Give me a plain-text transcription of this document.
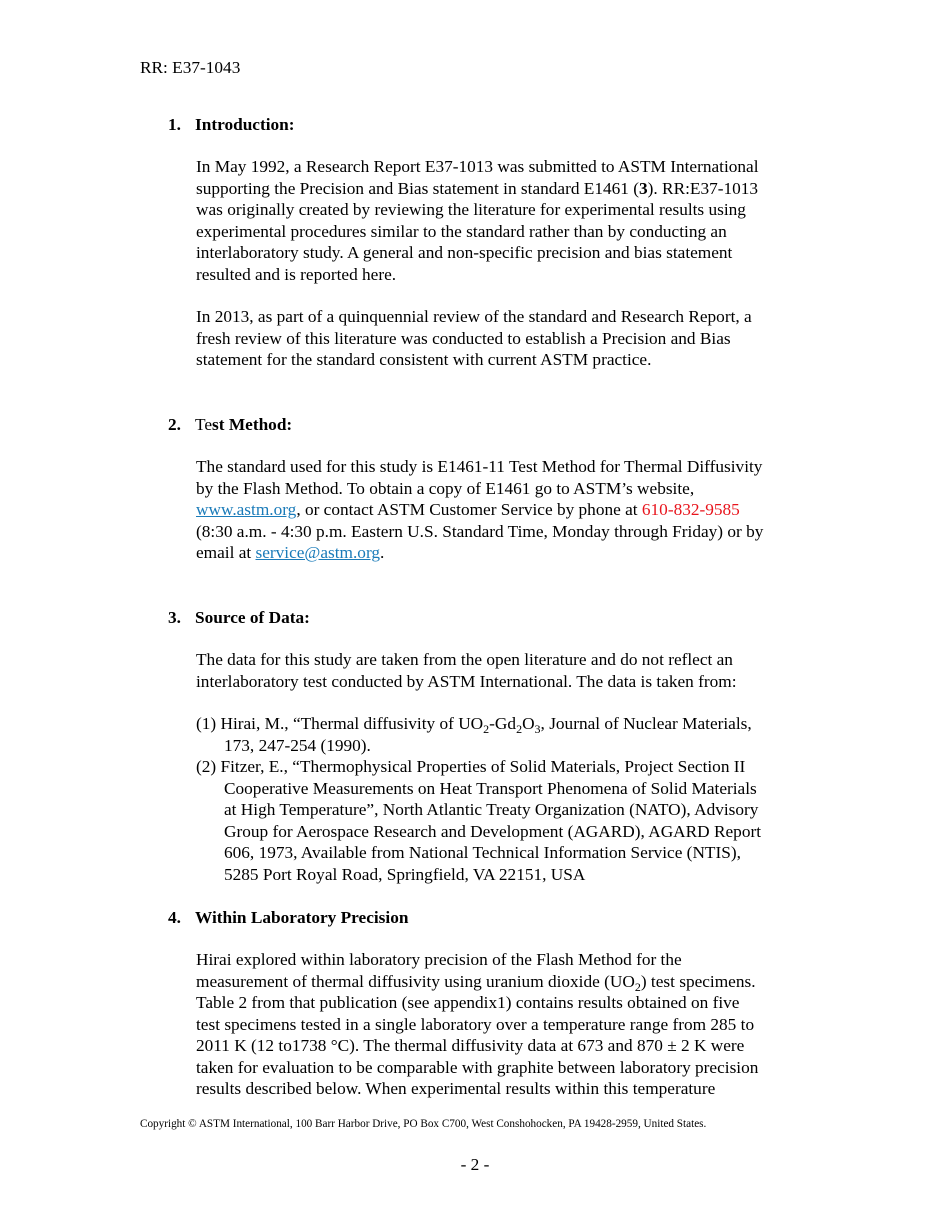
RR: E37-1043
1. Introduction:
In May 1992, a Research Report E37-1013 was submitted to ASTM International
supporting the Precision and Bias statement in standard E1461 (3). RR:E37-1013
was originally created by reviewing the literature for experimental results using
experimental procedures similar to the standard rather than by conducting an
interlaboratory study. A general and non-specific precision and bias statement
resulted and is reported here.
In 2013, as part of a quinquennial review of the standard and Research Report, a
fresh review of this literature was conducted to establish a Precision and Bias
statement for the standard consistent with current ASTM practice.
2. Test Method:
The standard used for this study is E1461-11 Test Method for Thermal Diffusivity
by the Flash Method. To obtain a copy of E1461 go to ASTM’s website,
www.astm.org, or contact ASTM Customer Service by phone at 610-832-9585
(8:30 a.m. - 4:30 p.m. Eastern U.S. Standard Time, Monday through Friday) or by
email at service@astm.org.
3. Source of Data:
The data for this study are taken from the open literature and do not reflect an
interlaboratory test conducted by ASTM International. The data is taken from:
(1) Hirai, M., “Thermal diffusivity of $UO_2-Gd_2O_3$, Journal of Nuclear Materials,
173, 247-254 (1990).
(2) Fitzer, E., “Thermophysical Properties of Solid Materials, Project Section II
Cooperative Measurements on Heat Transport Phenomena of Solid Materials
at High Temperature”, North Atlantic Treaty Organization (NATO), Advisory
Group for Aerospace Research and Development (AGARD), AGARD Report
606, 1973, Available from National Technical Information Service (NTIS),
5285 Port Royal Road, Springfield, VA 22151, USA
4. Within Laboratory Precision
Hirai explored within laboratory precision of the Flash Method for the
measurement of thermal diffusivity using uranium dioxide $(UO_2)$ test specimens.
Table 2 from that publication (see appendix1) contains results obtained on five
test specimens tested in a single laboratory over a temperature range from 285 to
2011 K (12 to1738 °C). The thermal diffusivity data at 673 and 870 ± 2 K were
taken for evaluation to be comparable with graphite between laboratory precision
results described below. When experimental results within this temperature
Copyright © ASTM International, 100 Barr Harbor Drive, PO Box C700, West Conshohocken, PA 19428-2959, United States.
- 2 -
